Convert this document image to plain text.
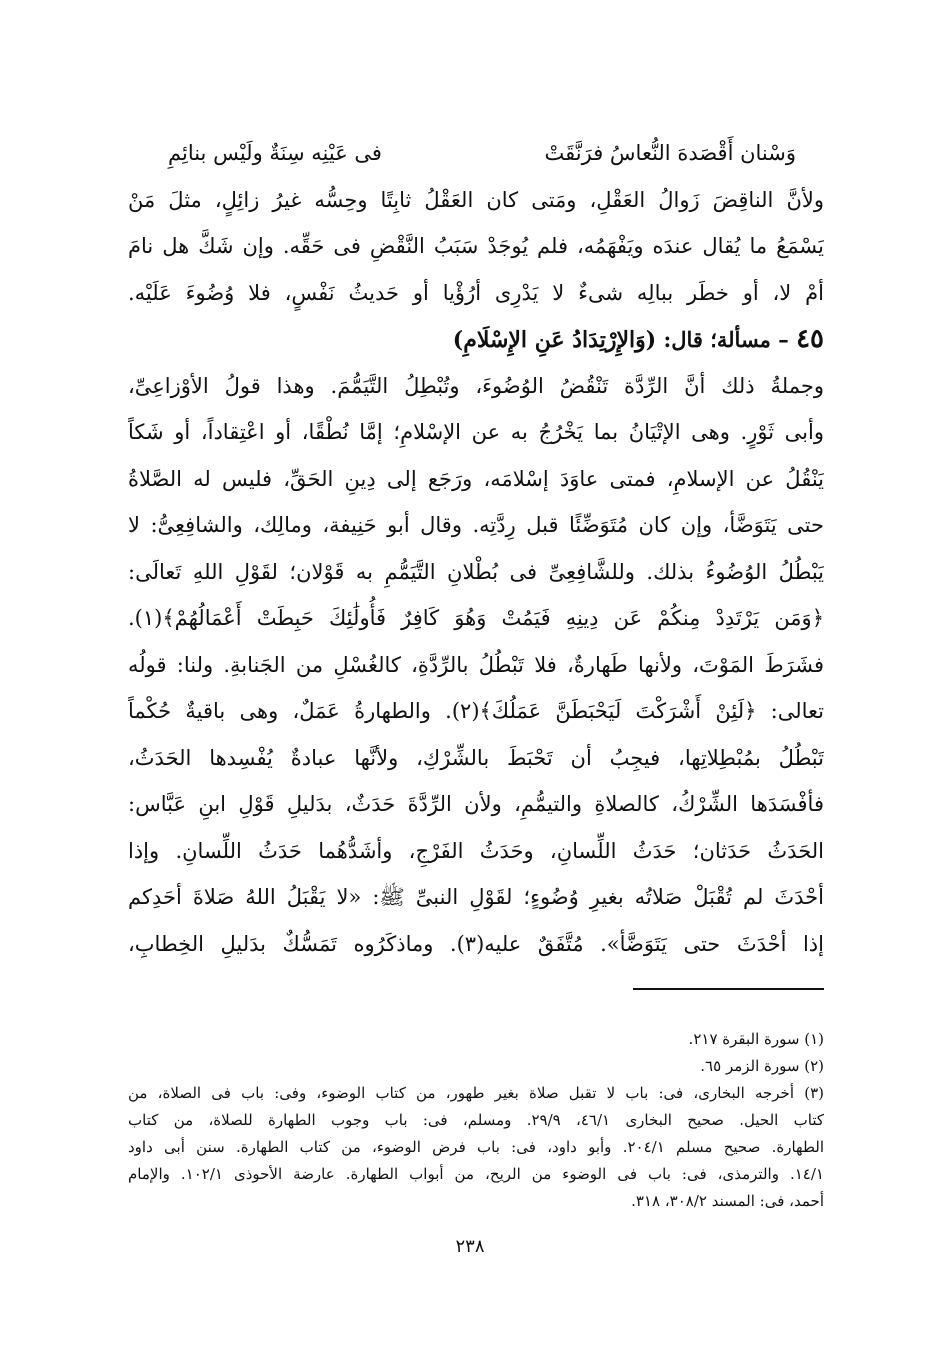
وَسْنان أَقْصَدهَ النُّعاسُ فرَنَّقَتْ
فى عَيْنِه سِنَةٌ ولَيْس بنائِمِ
ولأنَّ الناقِضَ زَوالُ العَقْلِ، ومَتى كان العَقْلُ ثابِتًا وحِسُّه غيرُ زائِلٍ، مثلَ مَنْ
يَسْمَعُ ما يُقال عندَه ويَفْهَمُه، فلم يُوجَدْ سَبَبُ النَّقْضِ فى حَقِّه. وإن شَكَّ هل نامَ
أمْ لا، أو خطَر ببالِه شىءٌ لا يَدْرِى أرُؤْيا أو حَديثُ نَفْسٍ، فلا وُضُوءَ عَلَيْه.
٤٥ – مسألة؛ قال: (وَالإِرْتِدَادُ عَنِ الإِسْلَامِ)
وجملةُ ذلك أنَّ الرِّدَّة تَنْقُضُ الوُضُوءَ، وتُبْطِلُ التَّيَمُّمَ. وهذا قولُ الأوْزاعِىِّ،
وأبى ثَوْرٍ. وهى الإتْيَانُ بما يَخْرُجُ به عن الإسْلامِ؛ إمَّا نُطْقًا، أو اعْتِقاداً، أو شَكاً
يَنْقُلُ عن الإسلامِ، فمتى عاوَدَ إسْلامَه، ورَجَع إلى دِينِ الحَقِّ، فليس له الصَّلاةُ
حتى يَتَوَضَّأ، وإن كان مُتَوَضِّئًا قبل رِدَّتِه. وقال أبو حَنِيفة، ومالِك، والشافِعِىُّ: لا
يَبْطُلُ الوُضُوءُ بذلك. وللشَّافِعِىِّ فى بُطْلانِ التَّيَمُّمِ به قَوْلان؛ لقَوْلِ اللهِ تَعالَى:
﴿وَمَن يَرْتَدِدْ مِنكُمْ عَن دِينِهِ فَيَمُتْ وَهُوَ كَافِرٌ فَأُولَٰئِكَ حَبِطَتْ أَعْمَالُهُمْ﴾(١).
فشَرَطَ المَوْتَ، ولأنها طَهارةٌ، فلا تَبْطُلُ بالرِّدَّةِ، كالغُسْلِ من الجَنابةِ. ولنا: قولُه
تعالى: ﴿لَئِنْ أَشْرَكْتَ لَيَحْبَطَنَّ عَمَلُكَ﴾(٢). والطهارةُ عَمَلٌ، وهى باقيةٌ حُكْماً
تَبْطُلُ بمُبْطِلاتِها، فيجِبُ أن تَحْبَطَ بالشِّرْكِ، ولأنَّها عبادةٌ يُفْسِدها الحَدَثُ،
فأفْسَدَها الشِّرْكُ، كالصلاةِ والتيمُّمِ، ولأن الرِّدَّةَ حَدَثٌ، بدَليلِ قَوْلِ ابنِ عَبَّاس:
الحَدَثُ حَدَثان؛ حَدَثُ اللِّسانِ، وحَدَثُ الفَرْجِ، وأشَدُّهُما حَدَثُ اللِّسانِ. وإذا
أحْدَثَ لم تُقْبَلْ صَلاتُه بغيرِ وُضُوءٍ؛ لقَوْلِ النبىِّ ﷺ: «لا يَقْبَلُ اللهُ صَلاةَ أحَدِكم
إذا أحْدَثَ حتى يَتَوَضَّأ». مُتَّفَقٌ عليه(٣). وماذكَرُوه تَمَسُّكٌ بدَليلِ الخِطابِ،
(١) سورة البقرة ٢١٧.
(٢) سورة الزمر ٦٥.
(٣) أخرجه البخارى، فى: باب لا تقبل صلاة بغير طهور، من كتاب الوضوء، وفى: باب فى الصلاة، من
كتاب الحيل. صحيح البخارى ٤٦/١، ٢٩/٩. ومسلم، فى: باب وجوب الطهارة للصلاة، من كتاب
الطهارة. صحيح مسلم ٢٠٤/١. وأبو داود، فى: باب فرض الوضوء، من كتاب الطهارة. سنن أبى داود
١٤/١. والترمذى، فى: باب فى الوضوء من الريح، من أبواب الطهارة. عارضة الأحوذى ١٠٢/١. والإمام
أحمد، فى: المسند ٣٠٨/٢، ٣١٨.
٢٣٨
